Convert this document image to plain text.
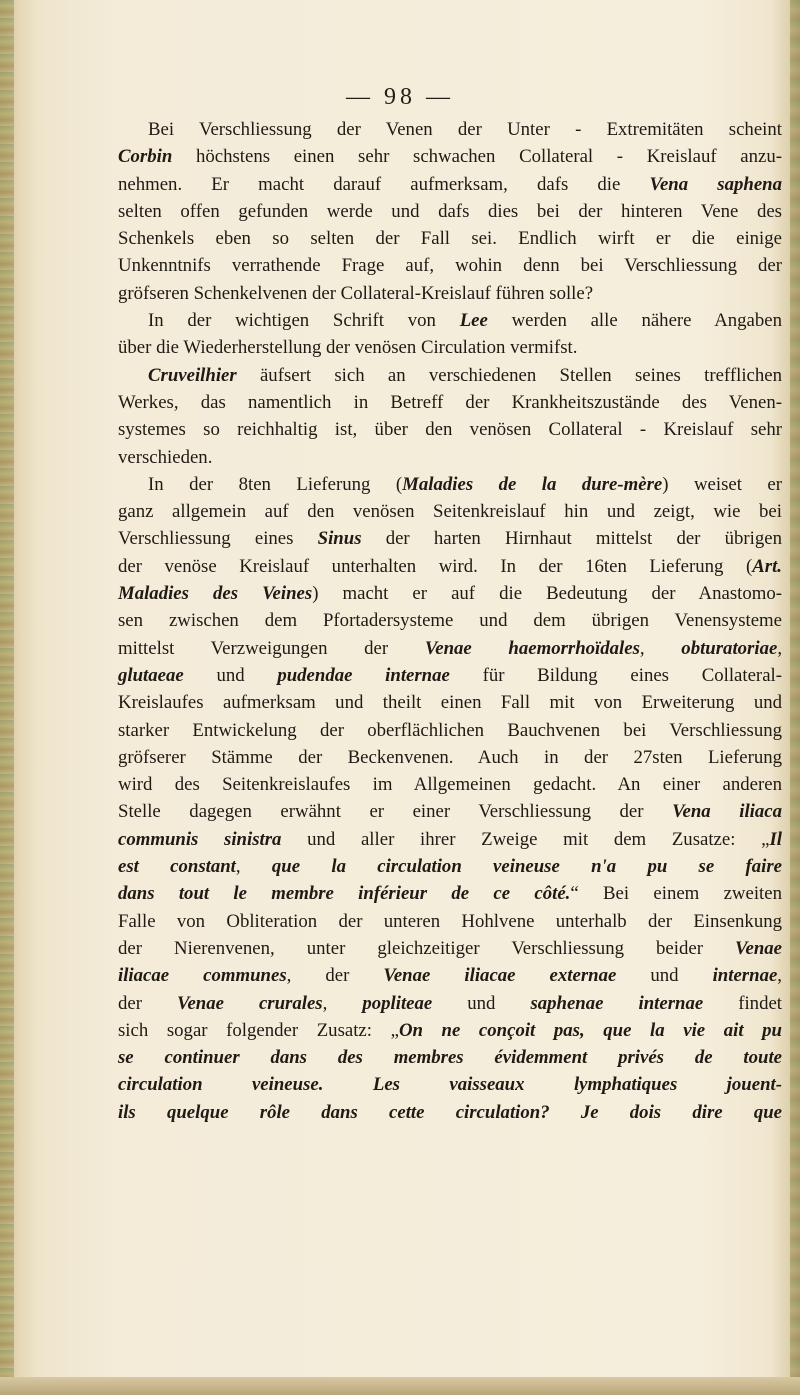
— 98 —
Bei Verschliessung der Venen der Unter - Extremitäten scheint
Corbin höchstens einen sehr schwachen Collateral - Kreislauf anzu-
nehmen. Er macht darauf aufmerksam, dafs die Vena saphena
selten offen gefunden werde und dafs dies bei der hinteren Vene des
Schenkels eben so selten der Fall sei. Endlich wirft er die einige
Unkenntnifs verrathende Frage auf, wohin denn bei Verschliessung der
gröfseren Schenkelvenen der Collateral-Kreislauf führen solle?
In der wichtigen Schrift von Lee werden alle nähere Angaben
über die Wiederherstellung der venösen Circulation vermifst.
Cruveilhier äufsert sich an verschiedenen Stellen seines trefflichen
Werkes, das namentlich in Betreff der Krankheitszustände des Venen-
systemes so reichhaltig ist, über den venösen Collateral - Kreislauf sehr
verschieden.
In der 8ten Lieferung (Maladies de la dure-mère) weiset er
ganz allgemein auf den venösen Seitenkreislauf hin und zeigt, wie bei
Verschliessung eines Sinus der harten Hirnhaut mittelst der übrigen
der venöse Kreislauf unterhalten wird. In der 16ten Lieferung (Art.
Maladies des Veines) macht er auf die Bedeutung der Anastomo-
sen zwischen dem Pfortadersysteme und dem übrigen Venensysteme
mittelst Verzweigungen der Venae haemorrhoïdales, obturatoriae,
glutaeae und pudendae internae für Bildung eines Collateral-
Kreislaufes aufmerksam und theilt einen Fall mit von Erweiterung und
starker Entwickelung der oberflächlichen Bauchvenen bei Verschliessung
gröfserer Stämme der Beckenvenen. Auch in der 27sten Lieferung
wird des Seitenkreislaufes im Allgemeinen gedacht. An einer anderen
Stelle dagegen erwähnt er einer Verschliessung der Vena iliaca
communis sinistra und aller ihrer Zweige mit dem Zusatze: „Il
est constant, que la circulation veineuse n'a pu se faire
dans tout le membre inférieur de ce côté.“ Bei einem zweiten
Falle von Obliteration der unteren Hohlvene unterhalb der Einsenkung
der Nierenvenen, unter gleichzeitiger Verschliessung beider Venae
iliacae communes, der Venae iliacae externae und internae,
der Venae crurales, popliteae und saphenae internae findet
sich sogar folgender Zusatz: „On ne conçoit pas, que la vie ait pu
se continuer dans des membres évidemment privés de toute
circulation veineuse. Les vaisseaux lymphatiques jouent-
ils quelque rôle dans cette circulation? Je dois dire que
